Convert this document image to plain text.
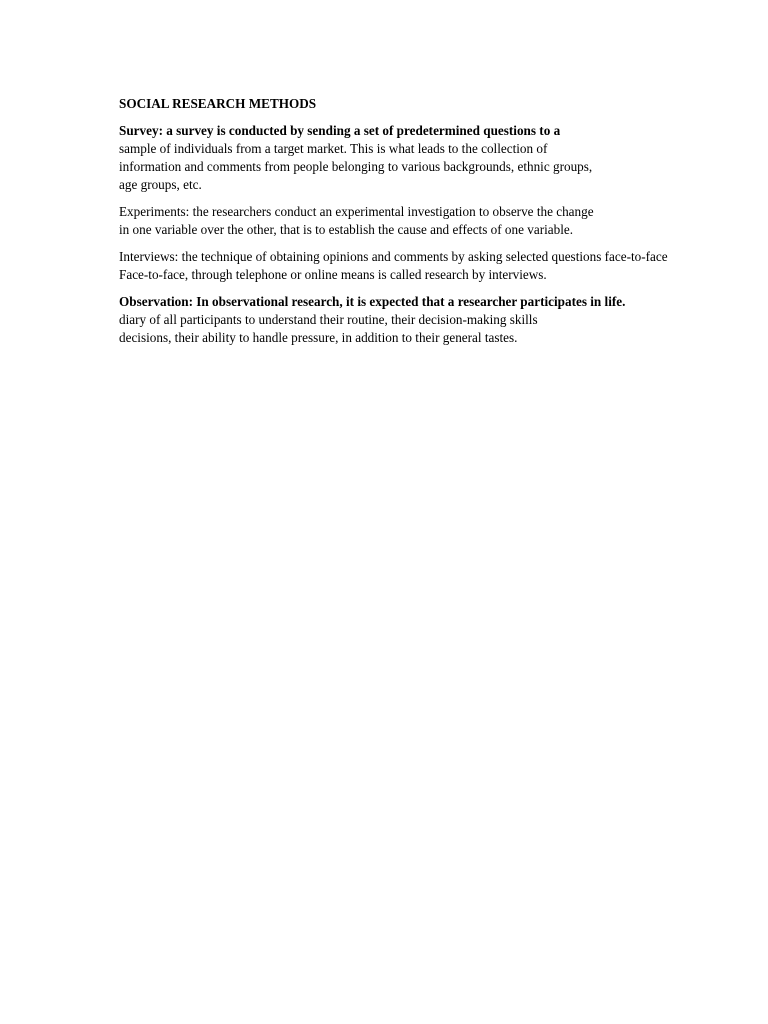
SOCIAL RESEARCH METHODS
Survey: a survey is conducted by sending a set of predetermined questions to a
sample of individuals from a target market. This is what leads to the collection of
information and comments from people belonging to various backgrounds, ethnic groups,
age groups, etc.
Experiments: the researchers conduct an experimental investigation to observe the change
in one variable over the other, that is to establish the cause and effects of one variable.
Interviews: the technique of obtaining opinions and comments by asking selected questions face-to-face
Face-to-face, through telephone or online means is called research by interviews.
Observation: In observational research, it is expected that a researcher participates in life.
diary of all participants to understand their routine, their decision-making skills
decisions, their ability to handle pressure, in addition to their general tastes.
